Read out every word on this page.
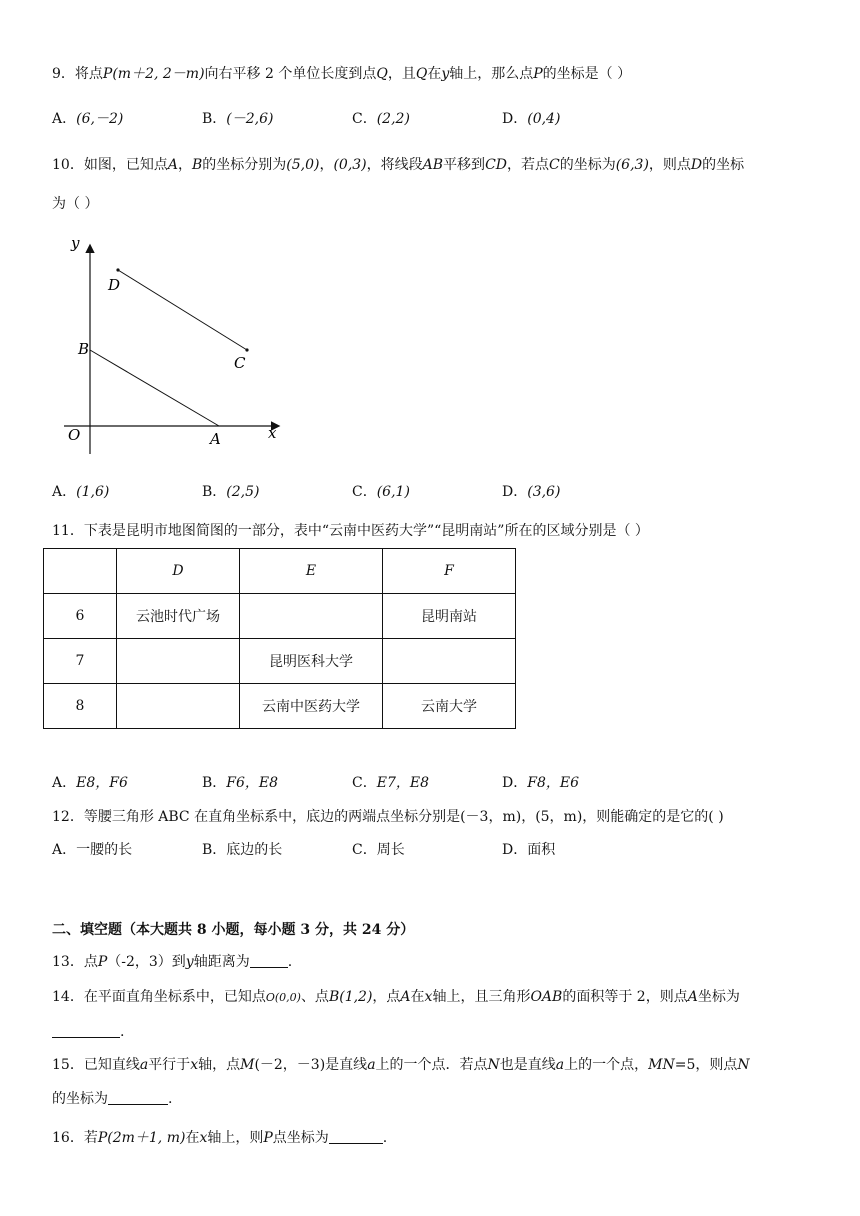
9．将点P(m＋2, 2－m)向右平移 2 个单位长度到点Q，且Q在y轴上，那么点P的坐标是（ ）
A．(6,－2)	B．(－2,6)	C．(2,2)	D．(0,4)
10．如图，已知点A，B的坐标分别为(5,0)，(0,3)，将线段AB平移到CD，若点C的坐标为(6,3)，则点D的坐标
为（ ）
y
x
O	A
B
C
D
A．(1,6)	B．(2,5)	C．(6,1)	D．(3,6)
11．下表是昆明市地图简图的一部分，表中“云南中医药大学”“昆明南站”所在的区域分别是（ ）
	D	E	F
6	云池时代广场		昆明南站
7		昆明医科大学	
8		云南中医药大学	云南大学
A．E8，F6	B．F6，E8	C．E7，E8	D．F8，E6
12．等腰三角形 ABC 在直角坐标系中，底边的两端点坐标分别是(－3，m)，(5，m)，则能确定的是它的( )
A．一腰的长	B．底边的长	C．周长	D．面积
二、填空题（本大题共 8 小题，每小题 3 分，共 24 分）
13．点P（-2，3）到y轴距离为	.
14．在平面直角坐标系中，已知点O(0,0)、点B(1,2)，点A在x轴上，且三角形OAB的面积等于 2，则点A坐标为
.
15．已知直线a平行于x轴，点M(－2，－3)是直线a上的一个点．若点N也是直线a上的一个点，MN=5，则点N
的坐标为	.
16．若P(2m＋1, m)在x轴上，则P点坐标为	.
